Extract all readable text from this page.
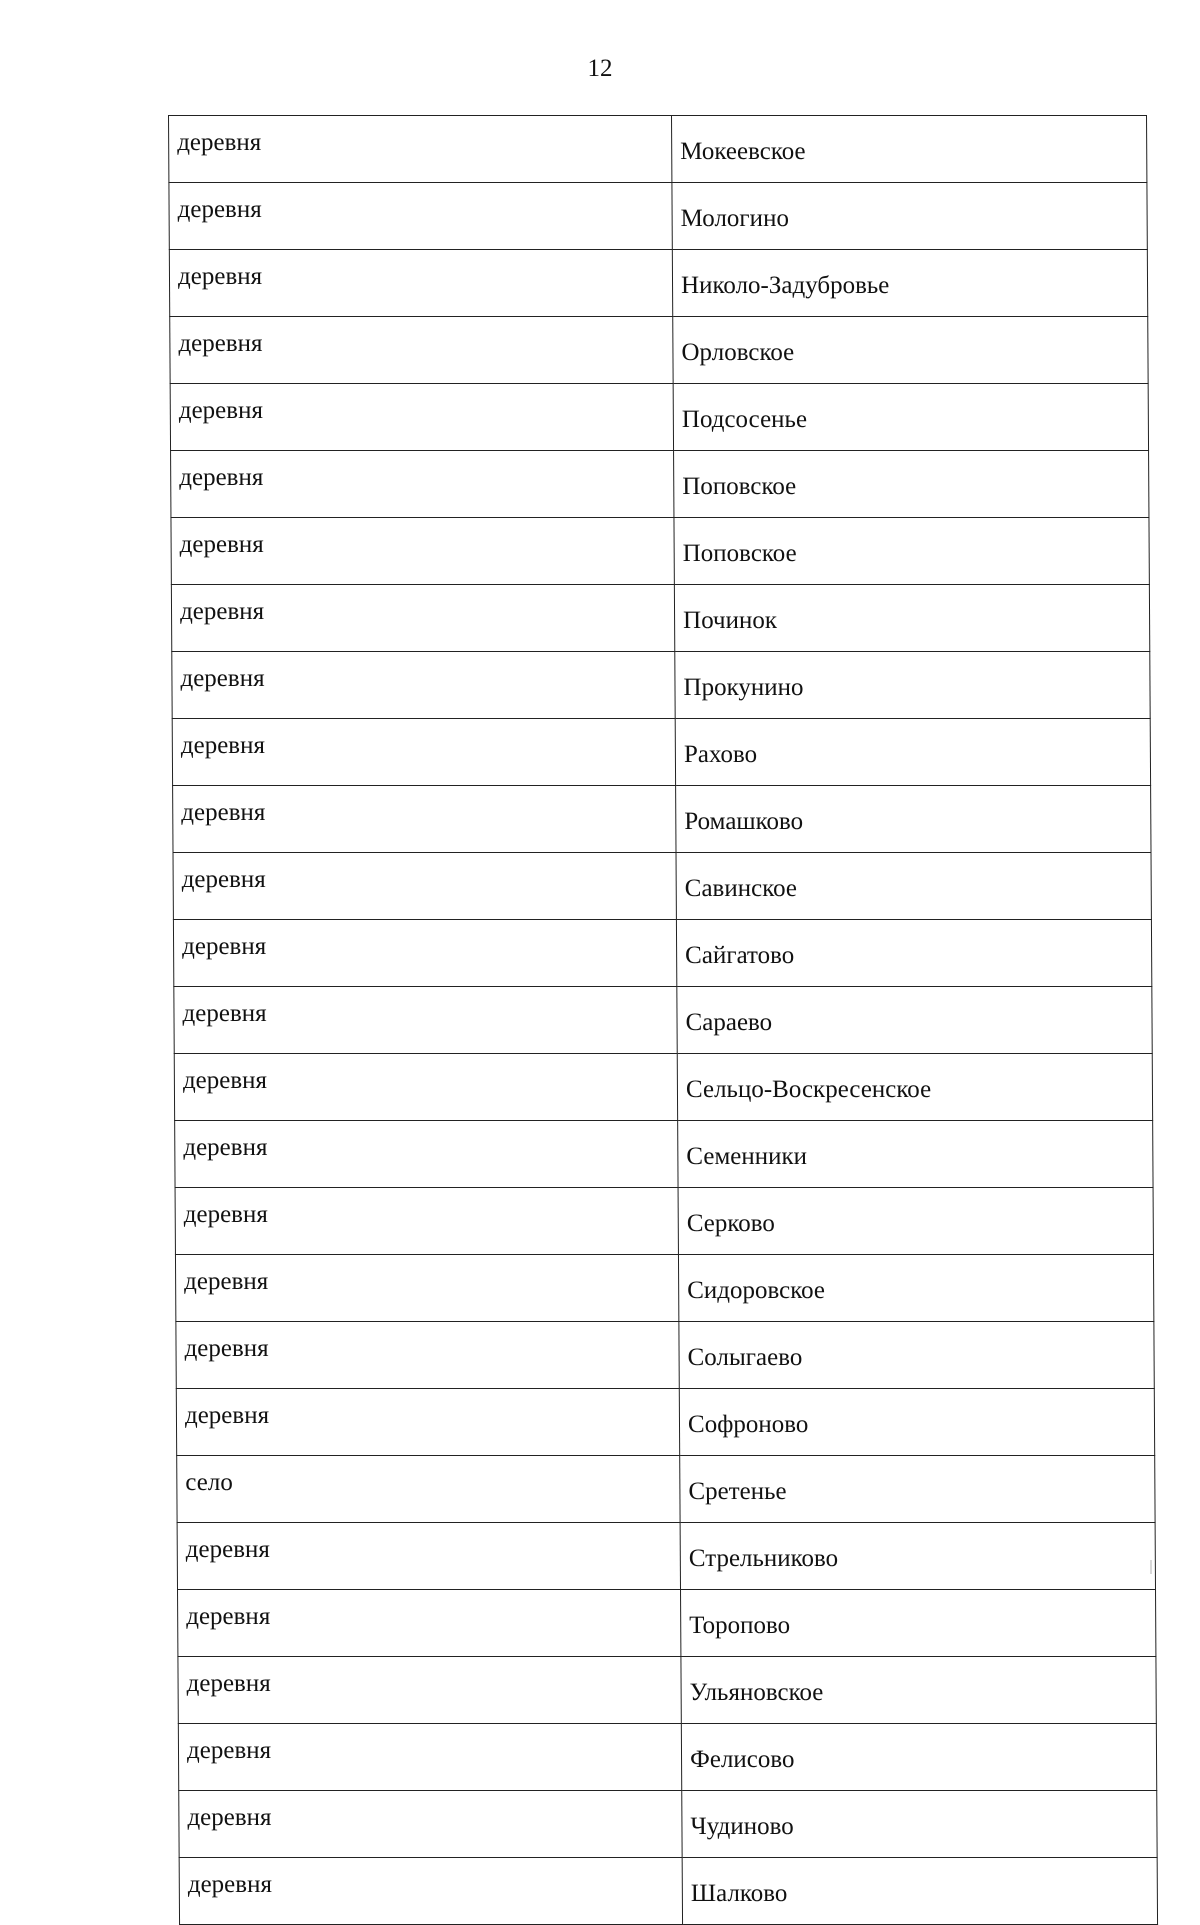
12
деревня	Мокеевское
деревня	Мологино
деревня	Николо-Задубровье
деревня	Орловское
деревня	Подсосенье
деревня	Поповское
деревня	Поповское
деревня	Починок
деревня	Прокунино
деревня	Рахово
деревня	Ромашково
деревня	Савинское
деревня	Сайгатово
деревня	Сараево
деревня	Сельцо-Воскресенское
деревня	Семенники
деревня	Серково
деревня	Сидоровское
деревня	Солыгаево
деревня	Софроново
село	Сретенье
деревня	Стрельниково
деревня	Торопово
деревня	Ульяновское
деревня	Фелисово
деревня	Чудиново
деревня	Шалково
